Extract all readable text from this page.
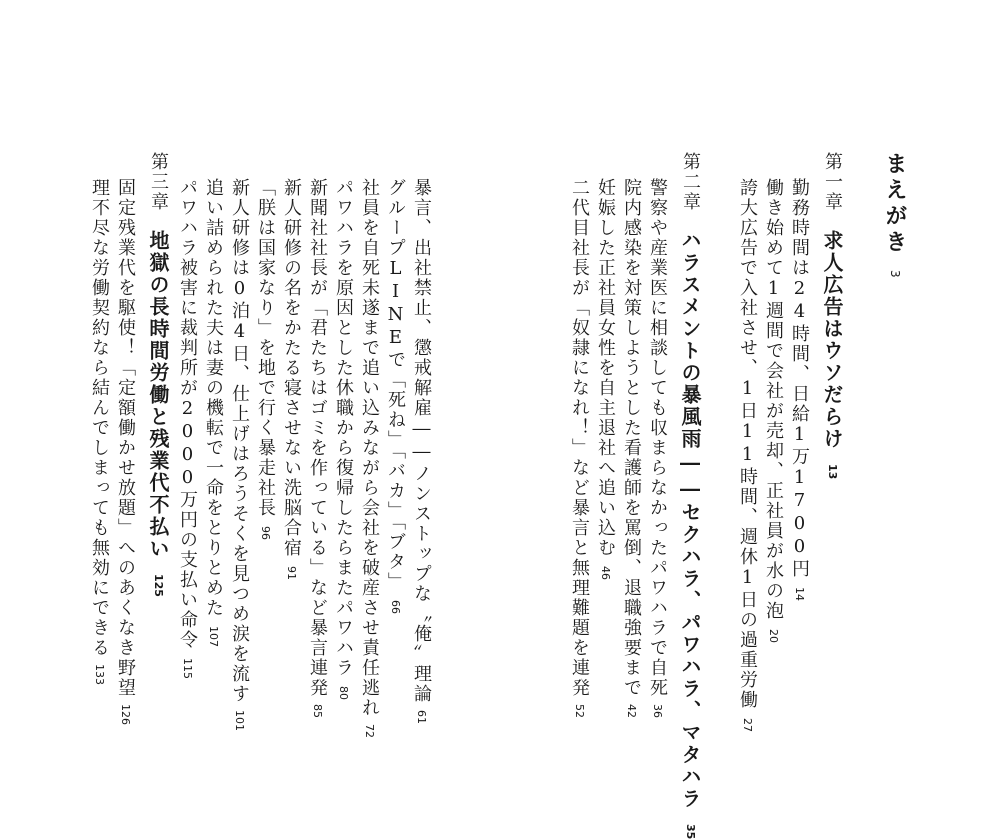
まえがき3
第一章求人広告はウソだらけ13
勤務時間は24時間、日給1万1700円14
働き始めて1週間で会社が売却、正社員が水の泡20
誇大広告で入社させ、1日11時間、週休1日の過重労働27
第二章ハラスメントの暴風雨――セクハラ、パワハラ、マタハラ35
警察や産業医に相談しても収まらなかったパワハラで自死36
院内感染を対策しようとした看護師を罵倒、退職強要まで42
妊娠した正社員女性を自主退社へ追い込む46
二代目社長が「奴隷になれ！」など暴言と無理難題を連発52
暴言、出社禁止、懲戒解雇――ノンストップな〝俺〟理論61
グループLINEで「死ね」「バカ」「ブタ」66
社員を自死未遂まで追い込みながら会社を破産させ責任逃れ72
パワハラを原因とした休職から復帰したらまたパワハラ80
新聞社社長が「君たちはゴミを作っている」など暴言連発85
新人研修の名をかたる寝させない洗脳合宿91
「朕は国家なり」を地で行く暴走社長96
新人研修は0泊4日、仕上げはろうそくを見つめ涙を流す101
追い詰められた夫は妻の機転で一命をとりとめた107
パワハラ被害に裁判所が2000万円の支払い命令115
第三章地獄の長時間労働と残業代不払い125
固定残業代を駆使！「定額働かせ放題」へのあくなき野望126
理不尽な労働契約なら結んでしまっても無効にできる133
